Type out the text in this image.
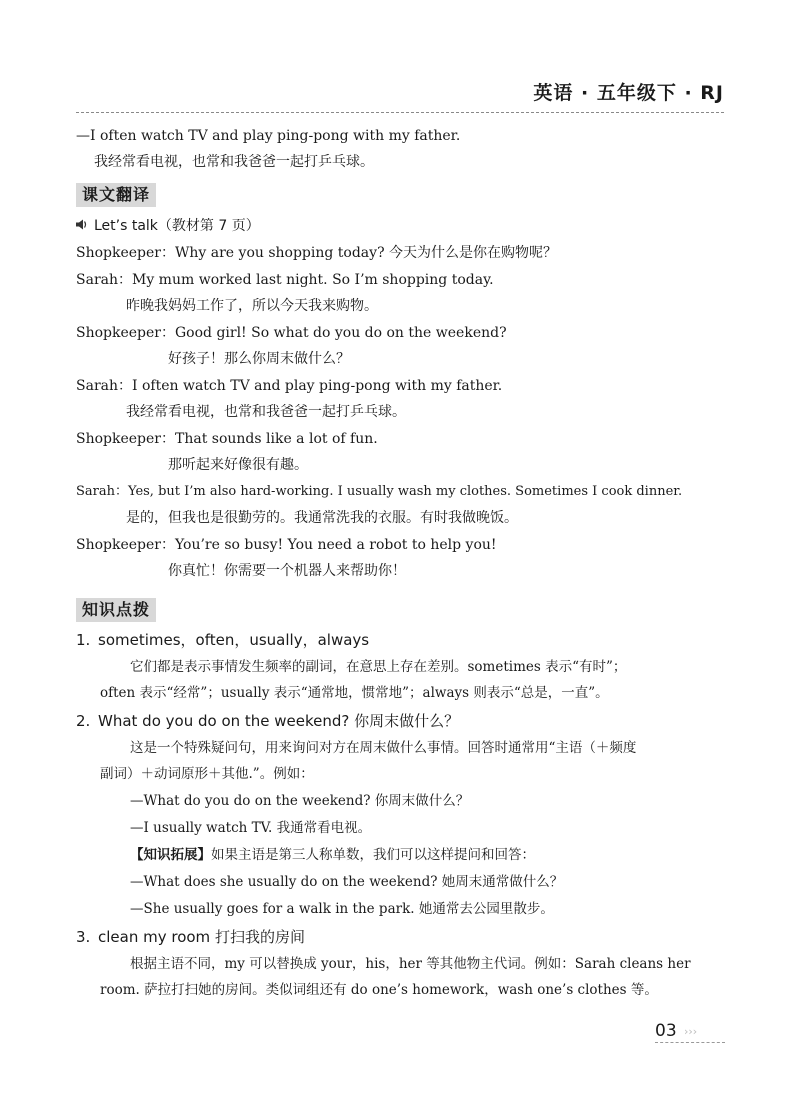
英语 · 五年级下 · RJ
—I often watch TV and play ping-pong with my father.
我经常看电视，也常和我爸爸一起打乒乓球。
课文翻译
Let’s talk（教材第 7 页）
Shopkeeper：Why are you shopping today? 今天为什么是你在购物呢？
Sarah：My mum worked last night. So I’m shopping today.
昨晚我妈妈工作了，所以今天我来购物。
Shopkeeper：Good girl! So what do you do on the weekend?
好孩子！那么你周末做什么？
Sarah：I often watch TV and play ping-pong with my father.
我经常看电视，也常和我爸爸一起打乒乓球。
Shopkeeper：That sounds like a lot of fun.
那听起来好像很有趣。
Sarah：Yes, but I’m also hard-working. I usually wash my clothes. Sometimes I cook dinner.
是的，但我也是很勤劳的。我通常洗我的衣服。有时我做晚饭。
Shopkeeper：You’re so busy! You need a robot to help you!
你真忙！你需要一个机器人来帮助你！
知识点拨
1. sometimes，often，usually，always
它们都是表示事情发生频率的副词，在意思上存在差别。sometimes 表示“有时”；
often 表示“经常”；usually 表示“通常地，惯常地”；always 则表示“总是，一直”。
2. What do you do on the weekend? 你周末做什么？
这是一个特殊疑问句，用来询问对方在周末做什么事情。回答时通常用“主语（＋频度
副词）＋动词原形＋其他.”。例如：
—What do you do on the weekend? 你周末做什么？
—I usually watch TV. 我通常看电视。
【知识拓展】如果主语是第三人称单数，我们可以这样提问和回答：
—What does she usually do on the weekend? 她周末通常做什么？
—She usually goes for a walk in the park. 她通常去公园里散步。
3. clean my room 打扫我的房间
根据主语不同，my 可以替换成 your，his，her 等其他物主代词。例如：Sarah cleans her
room. 萨拉打扫她的房间。类似词组还有 do one’s homework，wash one’s clothes 等。
03 ›››
